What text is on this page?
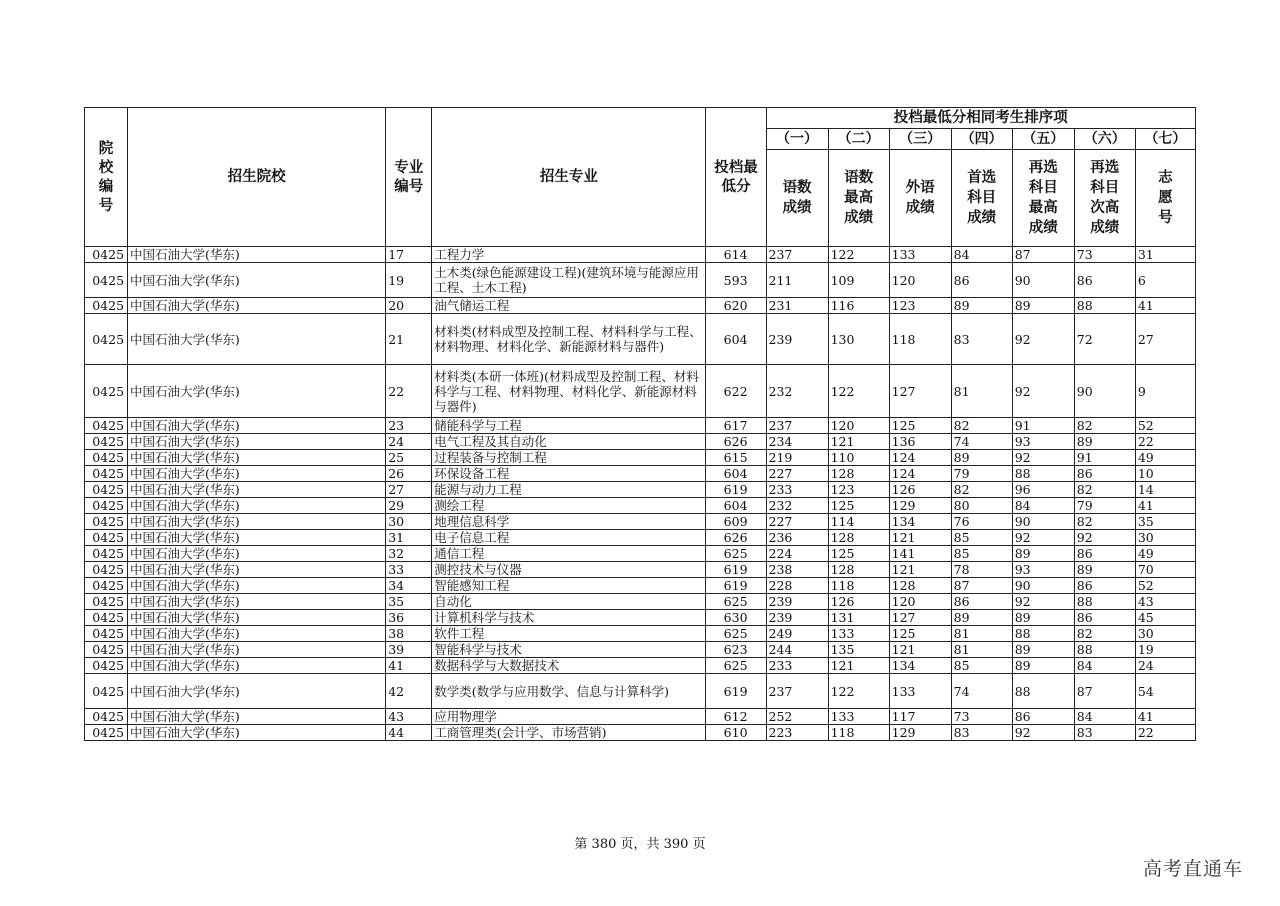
院校编号	招生院校	专业编号	招生专业	投档最低分	投档最低分相同考生排序项						
					（一）	（二）	（三）	（四）	（五）	（六）	（七）
					语数成绩	语数最高成绩	外语成绩	首选科目成绩	再选科目最高成绩	再选科目次高成绩	志愿号
0425	中国石油大学(华东)	17	工程力学	614	237	122	133	84	87	73	31
0425	中国石油大学(华东)	19	土木类(绿色能源建设工程)(建筑环境与能源应用工程、土木工程)	593	211	109	120	86	90	86	6
0425	中国石油大学(华东)	20	油气储运工程	620	231	116	123	89	89	88	41
0425	中国石油大学(华东)	21	材料类(材料成型及控制工程、材料科学与工程、材料物理、材料化学、新能源材料与器件)	604	239	130	118	83	92	72	27
0425	中国石油大学(华东)	22	材料类(本研一体班)(材料成型及控制工程、材料科学与工程、材料物理、材料化学、新能源材料与器件)	622	232	122	127	81	92	90	9
0425	中国石油大学(华东)	23	储能科学与工程	617	237	120	125	82	91	82	52
0425	中国石油大学(华东)	24	电气工程及其自动化	626	234	121	136	74	93	89	22
0425	中国石油大学(华东)	25	过程装备与控制工程	615	219	110	124	89	92	91	49
0425	中国石油大学(华东)	26	环保设备工程	604	227	128	124	79	88	86	10
0425	中国石油大学(华东)	27	能源与动力工程	619	233	123	126	82	96	82	14
0425	中国石油大学(华东)	29	测绘工程	604	232	125	129	80	84	79	41
0425	中国石油大学(华东)	30	地理信息科学	609	227	114	134	76	90	82	35
0425	中国石油大学(华东)	31	电子信息工程	626	236	128	121	85	92	92	30
0425	中国石油大学(华东)	32	通信工程	625	224	125	141	85	89	86	49
0425	中国石油大学(华东)	33	测控技术与仪器	619	238	128	121	78	93	89	70
0425	中国石油大学(华东)	34	智能感知工程	619	228	118	128	87	90	86	52
0425	中国石油大学(华东)	35	自动化	625	239	126	120	86	92	88	43
0425	中国石油大学(华东)	36	计算机科学与技术	630	239	131	127	89	89	86	45
0425	中国石油大学(华东)	38	软件工程	625	249	133	125	81	88	82	30
0425	中国石油大学(华东)	39	智能科学与技术	623	244	135	121	81	89	88	19
0425	中国石油大学(华东)	41	数据科学与大数据技术	625	233	121	134	85	89	84	24
0425	中国石油大学(华东)	42	数学类(数学与应用数学、信息与计算科学)	619	237	122	133	74	88	87	54
0425	中国石油大学(华东)	43	应用物理学	612	252	133	117	73	86	84	41
0425	中国石油大学(华东)	44	工商管理类(会计学、市场营销)	610	223	118	129	83	92	83	22
第 380 页，共 390 页
高考直通车
